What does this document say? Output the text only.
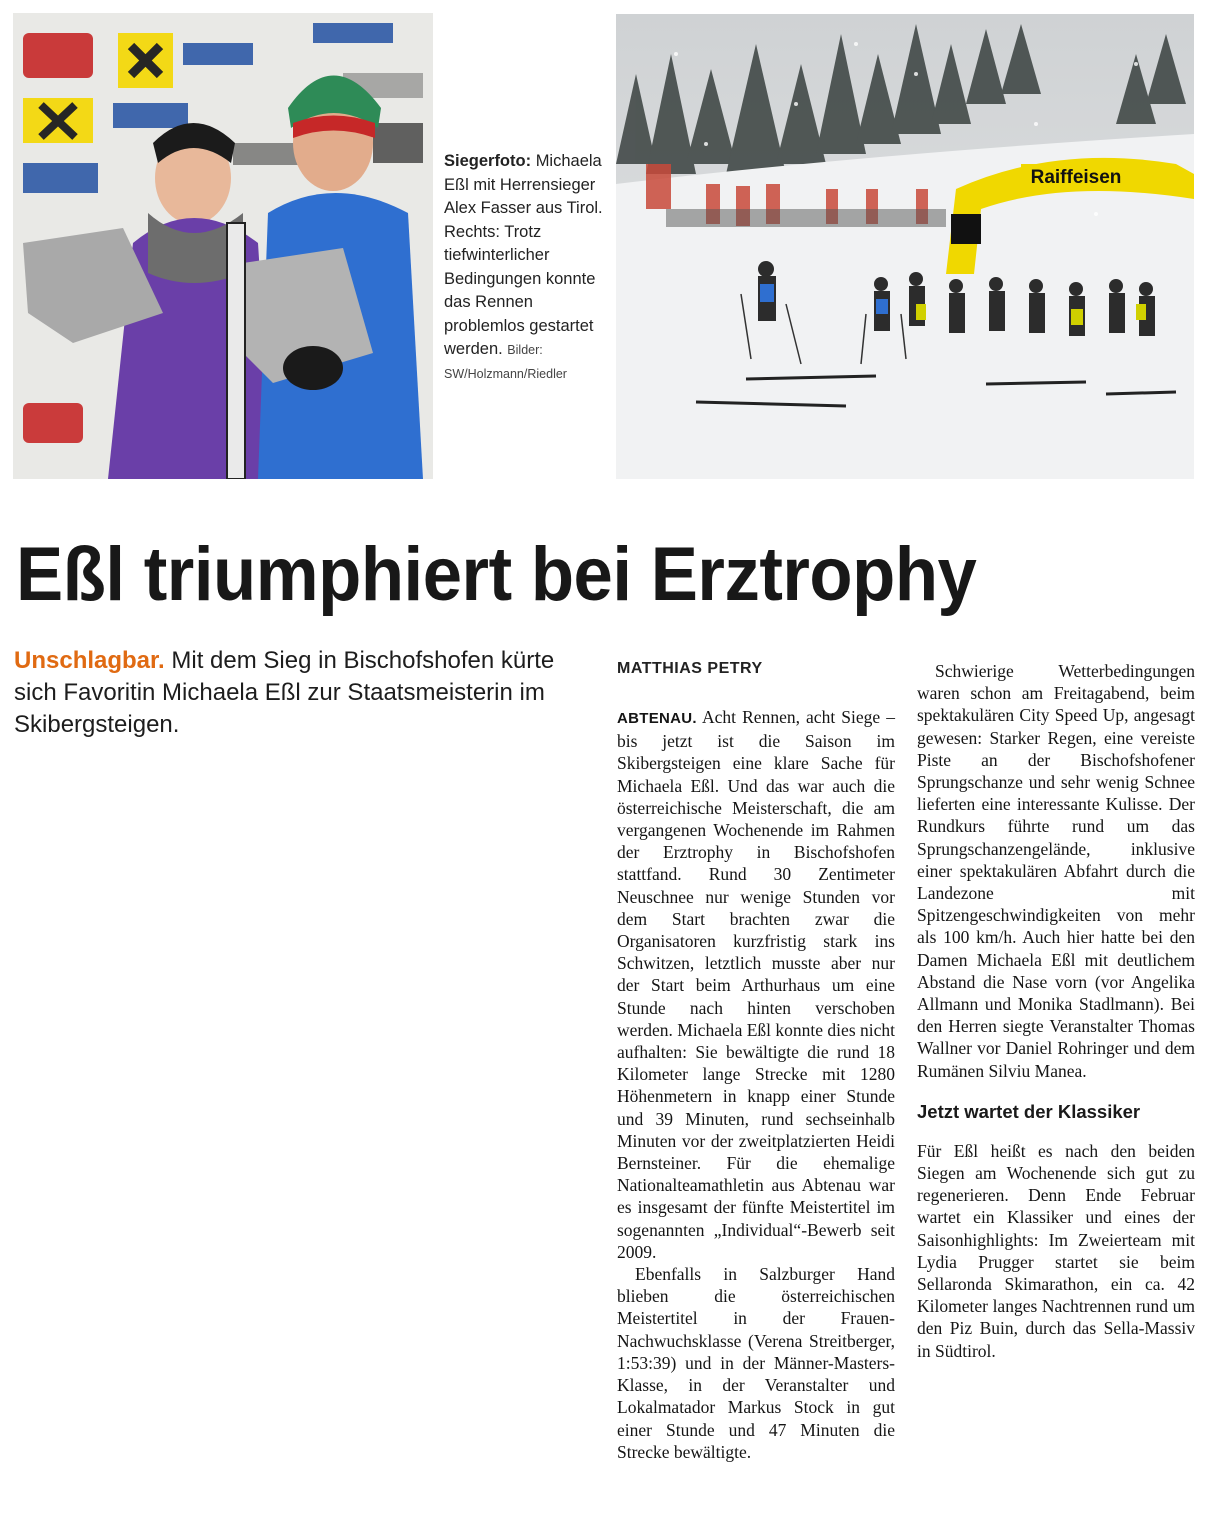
Siegerfoto: Michaela Eßl mit Herrensieger Alex Fasser aus Tirol. Rechts: Trotz tiefwinterlicher Bedingungen konnte das Rennen problemlos gestartet werden. Bilder: SW/Holzmann/Riedler
Raiffeisen
Eßl triumphiert bei Erztrophy

Unschlagbar. Mit dem Sieg in Bischofshofen kürte sich Favoritin Michaela Eßl zur Staatsmeisterin im Skibergsteigen.

MATTHIAS PETRY

ABTENAU. Acht Rennen, acht Siege – bis jetzt ist die Saison im Skibergsteigen eine klare Sache für Michaela Eßl. Und das war auch die österreichische Meisterschaft, die am vergangenen Wochenende im Rahmen der Erztrophy in Bischofshofen stattfand. Rund 30 Zentimeter Neuschnee nur wenige Stunden vor dem Start brachten zwar die Organisatoren kurzfristig stark ins Schwitzen, letztlich musste aber nur der Start beim Arthurhaus um eine Stunde nach hinten verschoben werden. Michaela Eßl konnte dies nicht aufhalten: Sie bewältigte die rund 18 Kilometer lange Strecke mit 1280 Höhenmetern in knapp einer Stunde und 39 Minuten, rund sechseinhalb Minuten vor der zweitplatzierten Heidi Bernsteiner. Für die ehemalige Nationalteamathletin aus Abtenau war es insgesamt der fünfte Meistertitel im sogenannten „Individual“-Bewerb seit 2009.

Ebenfalls in Salzburger Hand blieben die österreichischen Meistertitel in der Frauen-Nachwuchsklasse (Verena Streitberger, 1:53:39) und in der Männer-Masters-Klasse, in der Veranstalter und Lokalmatador Markus Stock in gut einer Stunde und 47 Minuten die Strecke bewältigte.

Schwierige Wetterbedingungen waren schon am Freitagabend, beim spektakulären City Speed Up, angesagt gewesen: Starker Regen, eine vereiste Piste an der Bischofshofener Sprungschanze und sehr wenig Schnee lieferten eine interessante Kulisse. Der Rundkurs führte rund um das Sprungschanzengelände, inklusive einer spektakulären Abfahrt durch die Landezone mit Spitzengeschwindigkeiten von mehr als 100 km/h. Auch hier hatte bei den Damen Michaela Eßl mit deutlichem Abstand die Nase vorn (vor Angelika Allmann und Monika Stadlmann). Bei den Herren siegte Veranstalter Thomas Wallner vor Daniel Rohringer und dem Rumänen Silviu Manea.

Jetzt wartet der Klassiker

Für Eßl heißt es nach den beiden Siegen am Wochenende sich gut zu regenerieren. Denn Ende Februar wartet ein Klassiker und eines der Saisonhighlights: Im Zweierteam mit Lydia Prugger startet sie beim Sellaronda Skimarathon, ein ca. 42 Kilometer langes Nachtrennen rund um den Piz Buin, durch das Sella-Massiv in Südtirol.
